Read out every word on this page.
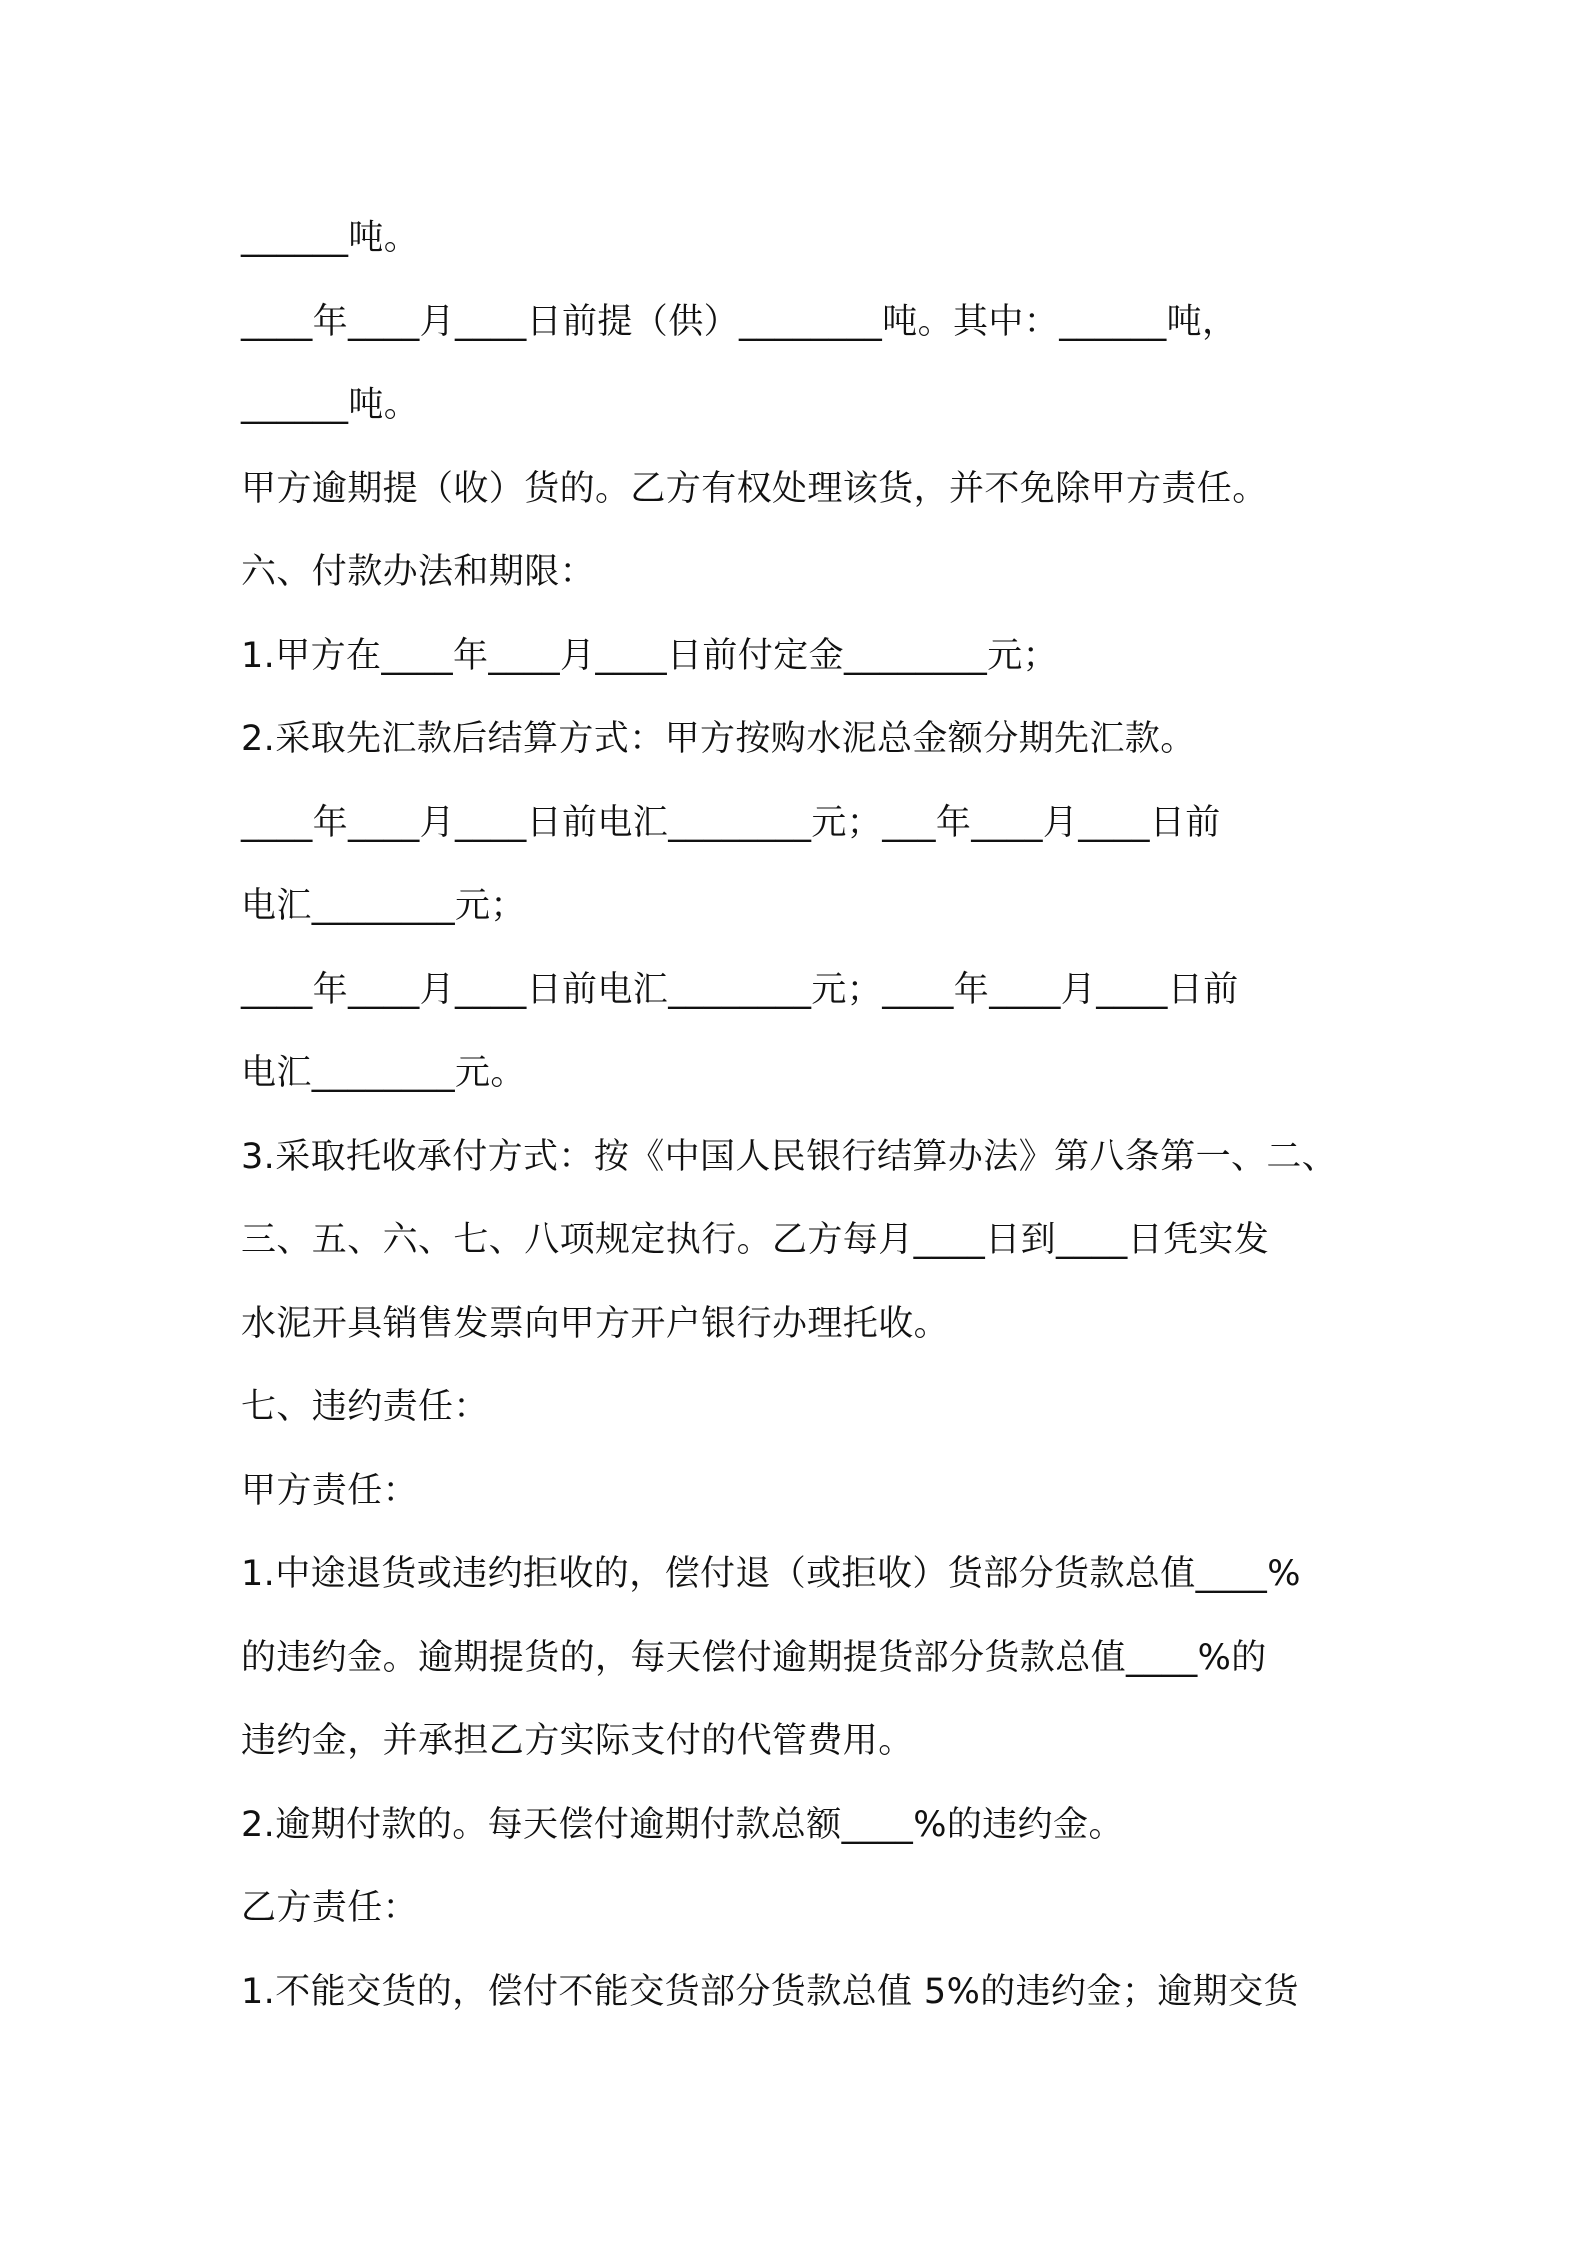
______吨。
____年____月____日前提（供）________吨。其中：______吨，
______吨。
甲方逾期提（收）货的。乙方有权处理该货，并不免除甲方责任。
六、付款办法和期限：
1.甲方在____年____月____日前付定金________元；
2.采取先汇款后结算方式：甲方按购水泥总金额分期先汇款。
____年____月____日前电汇________元；___年____月____日前
电汇________元；
____年____月____日前电汇________元；____年____月____日前
电汇________元。
3.采取托收承付方式：按《中国人民银行结算办法》第八条第一、二、
三、五、六、七、八项规定执行。乙方每月____日到____日凭实发
水泥开具销售发票向甲方开户银行办理托收。
七、违约责任：
甲方责任：
1.中途退货或违约拒收的，偿付退（或拒收）货部分货款总值____%
的违约金。逾期提货的，每天偿付逾期提货部分货款总值____%的
违约金，并承担乙方实际支付的代管费用。
2.逾期付款的。每天偿付逾期付款总额____%的违约金。
乙方责任：
1.不能交货的，偿付不能交货部分货款总值 5%的违约金；逾期交货
